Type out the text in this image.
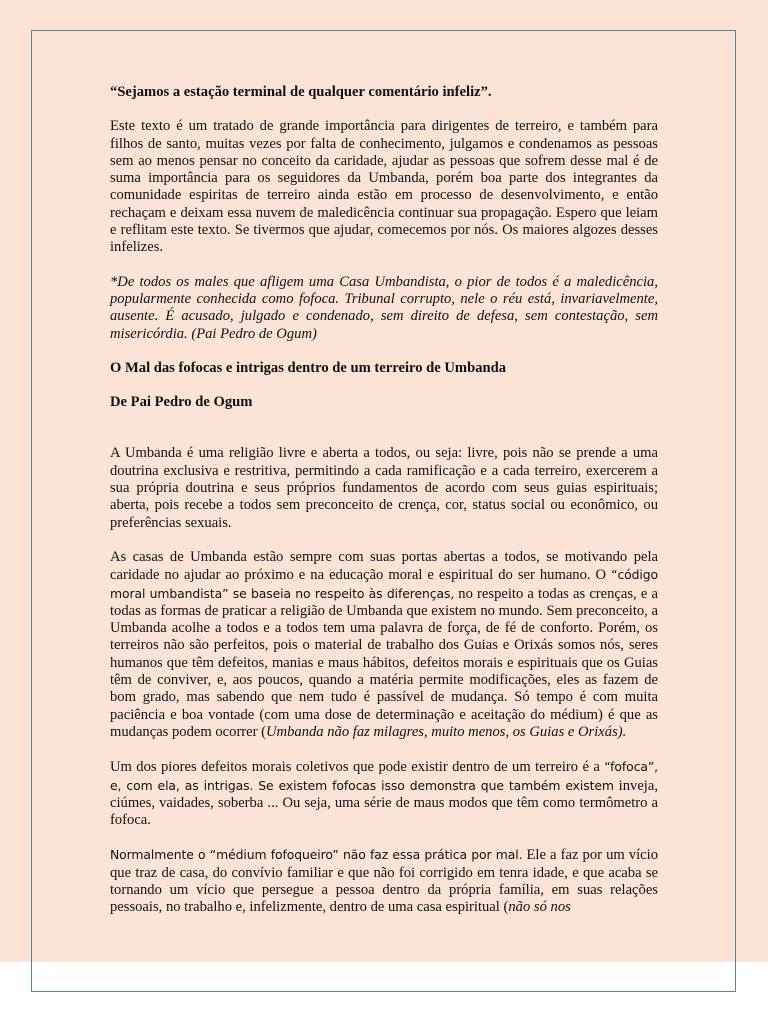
“Sejamos a estação terminal de qualquer comentário infeliz”.

Este texto é um tratado de grande importância para dirigentes de terreiro, e também para filhos de santo, muitas vezes por falta de conhecimento, julgamos e condenamos as pessoas sem ao menos pensar no conceito da caridade, ajudar as pessoas que sofrem desse mal é de suma importância para os seguidores da Umbanda, porém boa parte dos integrantes da comunidade espiritas de terreiro ainda estão em processo de desenvolvimento, e então rechaçam e deixam essa nuvem de maledicência continuar sua propagação. Espero que leiam e reflitam este texto. Se tivermos que ajudar, comecemos por nós. Os maiores algozes desses infelizes.

*De todos os males que afligem uma Casa Umbandista, o pior de todos é a maledicência, popularmente conhecida como fofoca. Tribunal corrupto, nele o réu está, invariavelmente, ausente. É acusado, julgado e condenado, sem direito de defesa, sem contestação, sem misericórdia. (Pai Pedro de Ogum)

O Mal das fofocas e intrigas dentro de um terreiro de Umbanda

De Pai Pedro de Ogum

A Umbanda é uma religião livre e aberta a todos, ou seja: livre, pois não se prende a uma doutrina exclusiva e restritiva, permitindo a cada ramificação e a cada terreiro, exercerem a sua própria doutrina e seus próprios fundamentos de acordo com seus guias espirituais; aberta, pois recebe a todos sem preconceito de crença, cor, status social ou econômico, ou preferências sexuais.

As casas de Umbanda estão sempre com suas portas abertas a todos, se motivando pela caridade no ajudar ao próximo e na educação moral e espiritual do ser humano. O “código moral umbandista” se baseia no respeito às diferenças, no respeito a todas as crenças, e a todas as formas de praticar a religião de Umbanda que existem no mundo. Sem preconceito, a Umbanda acolhe a todos e a todos tem uma palavra de força, de fé de conforto. Porém, os terreiros não são perfeitos, pois o material de trabalho dos Guias e Orixás somos nós, seres humanos que têm defeitos, manias e maus hábitos, defeitos morais e espirituais que os Guias têm de conviver, e, aos poucos, quando a matéria permite modificações, eles as fazem de bom grado, mas sabendo que nem tudo é passível de mudança. Só tempo é com muita paciência e boa vontade (com uma dose de determinação e aceitação do médium) é que as mudanças podem ocorrer (Umbanda não faz milagres, muito menos, os Guias e Orixás).

Um dos piores defeitos morais coletivos que pode existir dentro de um terreiro é a “fofoca”, e, com ela, as intrigas. Se existem fofocas isso demonstra que também existem inveja, ciúmes, vaidades, soberba ... Ou seja, uma série de maus modos que têm como termômetro a fofoca.

Normalmente o “médium fofoqueiro” não faz essa prática por mal. Ele a faz por um vício que traz de casa, do convívio familiar e que não foi corrigido em tenra idade, e que acaba se tornando um vício que persegue a pessoa dentro da própria família, em suas relações pessoais, no trabalho e, infelizmente, dentro de uma casa espiritual (não só nos
